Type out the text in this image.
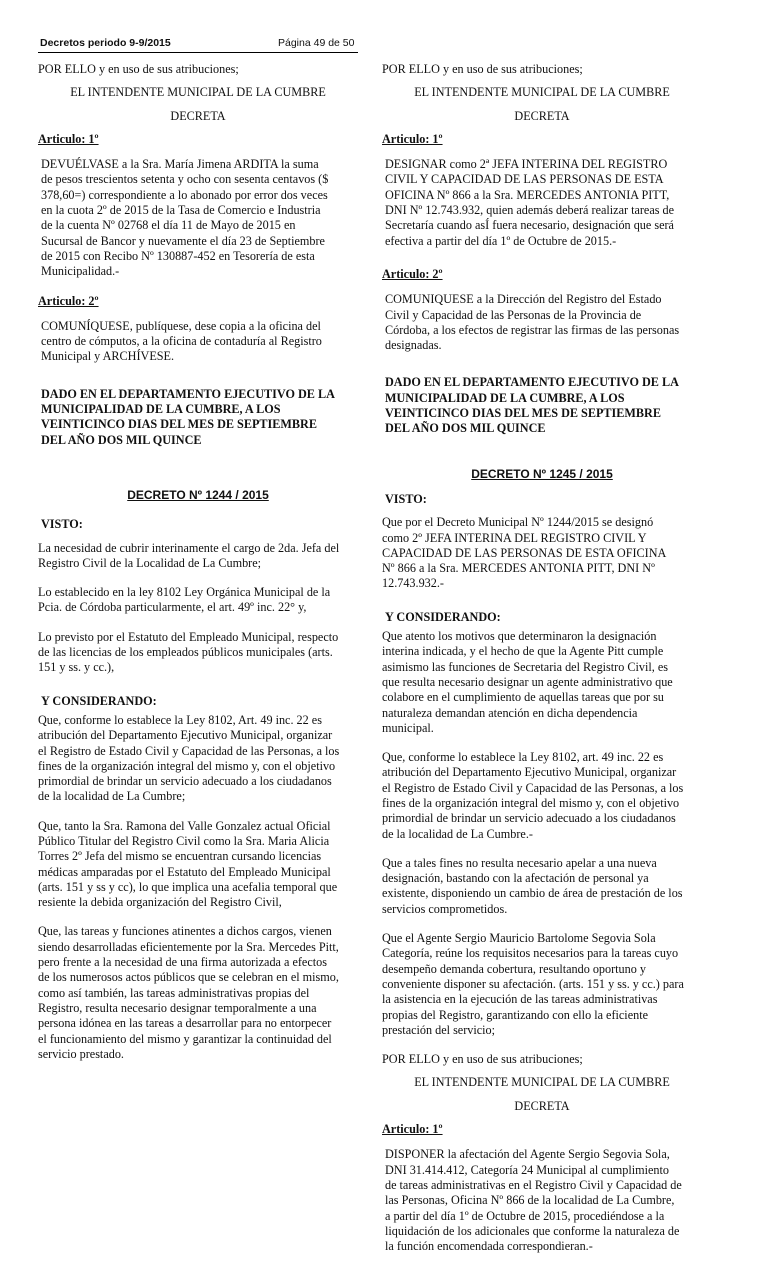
Decretos periodo 9-9/2015	Página 49 de 50

POR ELLO y en uso de sus atribuciones;

EL INTENDENTE MUNICIPAL DE LA CUMBRE

DECRETA

Articulo: 1º

DEVUÉLVASE a la Sra. María Jimena ARDITA la suma
de pesos trescientos setenta y ocho con sesenta centavos ($
378,60=) correspondiente a lo abonado por error dos veces
en la cuota 2º de 2015 de la Tasa de Comercio e Industria
de la cuenta Nº 02768 el día 11 de Mayo de 2015 en
Sucursal de Bancor y nuevamente el día 23 de Septiembre
de 2015 con Recibo Nº 130887-452 en Tesorería de esta
Municipalidad.-

Articulo: 2º

COMUNÍQUESE, publíquese, dese copia a la oficina del
centro de cómputos, a la oficina de contaduría al Registro
Municipal y ARCHÍVESE.

DADO EN EL DEPARTAMENTO EJECUTIVO DE LA
MUNICIPALIDAD DE LA CUMBRE, A LOS
VEINTICINCO DIAS DEL MES DE SEPTIEMBRE
DEL AÑO DOS MIL QUINCE

DECRETO Nº 1244 / 2015

VISTO:

La necesidad de cubrir interinamente el cargo de 2da. Jefa del
Registro Civil de la Localidad de La Cumbre;

Lo establecido en la ley 8102 Ley Orgánica Municipal de la
Pcia. de Córdoba particularmente, el art. 49º inc. 22° y,

Lo previsto por el Estatuto del Empleado Municipal, respecto
de las licencias de los empleados públicos municipales (arts.
151 y ss. y cc.),

Y CONSIDERANDO:

Que, conforme lo establece la Ley 8102, Art. 49 inc. 22 es
atribución del Departamento Ejecutivo Municipal, organizar
el Registro de Estado Civil y Capacidad de las Personas, a los
fines de la organización integral del mismo y, con el objetivo
primordial de brindar un servicio adecuado a los ciudadanos
de la localidad de La Cumbre;

Que, tanto la Sra. Ramona del Valle Gonzalez actual Oficial
Público Titular del Registro Civil como la Sra. Maria Alicia
Torres 2º Jefa del mismo se encuentran cursando licencias
médicas amparadas por el Estatuto del Empleado Municipal
(arts. 151 y ss y cc), lo que implica una acefalia temporal que
resiente la debida organización del Registro Civil,

Que, las tareas y funciones atinentes a dichos cargos, vienen
siendo desarrolladas eficientemente por la Sra. Mercedes Pitt,
pero frente a la necesidad de una firma autorizada a efectos
de los numerosos actos públicos que se celebran en el mismo,
como así también, las tareas administrativas propias del
Registro, resulta necesario designar temporalmente a una
persona idónea en las tareas a desarrollar para no entorpecer
el funcionamiento del mismo y garantizar la continuidad del
servicio prestado.

POR ELLO y en uso de sus atribuciones;

EL INTENDENTE MUNICIPAL DE LA CUMBRE

DECRETA

Articulo: 1º

DESIGNAR como 2ª JEFA INTERINA DEL REGISTRO
CIVIL Y CAPACIDAD DE LAS PERSONAS DE ESTA
OFICINA Nº 866 a la Sra. MERCEDES ANTONIA PITT,
DNI Nº 12.743.932, quien además deberá realizar tareas de
Secretaría cuando asÍ fuera necesario, designación que será
efectiva a partir del día 1º de Octubre de 2015.-

Articulo: 2º

COMUNIQUESE a la Dirección del Registro del Estado
Civil y Capacidad de las Personas de la Provincia de
Córdoba, a los efectos de registrar las firmas de las personas
designadas.

DADO EN EL DEPARTAMENTO EJECUTIVO DE LA
MUNICIPALIDAD DE LA CUMBRE, A LOS
VEINTICINCO DIAS DEL MES DE SEPTIEMBRE
DEL AÑO DOS MIL QUINCE

DECRETO Nº 1245 / 2015

VISTO:

Que por el Decreto Municipal Nº 1244/2015 se designó
como 2º JEFA INTERINA DEL REGISTRO CIVIL Y
CAPACIDAD DE LAS PERSONAS DE ESTA OFICINA
Nº 866 a la Sra. MERCEDES ANTONIA PITT, DNI Nº
12.743.932.-

Y CONSIDERANDO:

Que atento los motivos que determinaron la designación
interina indicada, y el hecho de que la Agente Pitt cumple
asimismo las funciones de Secretaria del Registro Civil, es
que resulta necesario designar un agente administrativo que
colabore en el cumplimiento de aquellas tareas que por su
naturaleza demandan atención en dicha dependencia
municipal.

Que, conforme lo establece la Ley 8102, art. 49 inc. 22 es
atribución del Departamento Ejecutivo Municipal, organizar
el Registro de Estado Civil y Capacidad de las Personas, a los
fines de la organización integral del mismo y, con el objetivo
primordial de brindar un servicio adecuado a los ciudadanos
de la localidad de La Cumbre.-

Que a tales fines no resulta necesario apelar a una nueva
designación, bastando con la afectación de personal ya
existente, disponiendo un cambio de área de prestación de los
servicios comprometidos.

Que el Agente Sergio Mauricio Bartolome Segovia Sola
Categoría, reúne los requisitos necesarios para la tareas cuyo
desempeño demanda cobertura, resultando oportuno y
conveniente disponer su afectación. (arts. 151 y ss. y cc.) para
la asistencia en la ejecución de las tareas administrativas
propias del Registro, garantizando con ello la eficiente
prestación del servicio;

POR ELLO y en uso de sus atribuciones;

EL INTENDENTE MUNICIPAL DE LA CUMBRE

DECRETA

Articulo: 1º

DISPONER la afectación del Agente Sergio Segovia Sola,
DNI 31.414.412, Categoría 24 Municipal al cumplimiento
de tareas administrativas en el Registro Civil y Capacidad de
las Personas, Oficina Nº 866 de la localidad de La Cumbre,
a partir del día 1º de Octubre de 2015, procediéndose a la
liquidación de los adicionales que conforme la naturaleza de
la función encomendada correspondieran.-
